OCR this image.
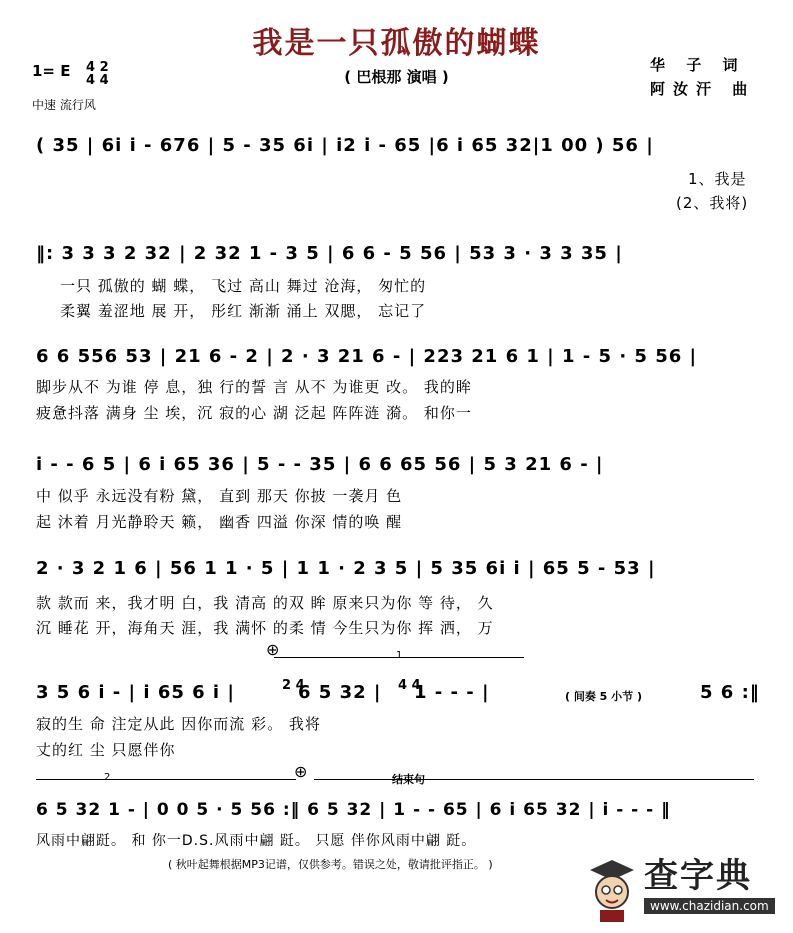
我是一只孤傲的蝴蝶
( 巴根那 演唱 )
华 子 词
阿汝汗 曲
1= E 4 2
4 4
中速 流行风
( 35 | 6i i - 676 | 5 - 35 6i | i2 i - 65 |6 i 65 32|1 00 ) 56 |
1、我是
(2、我将)
‖: 3 3 3 2 32 | 2 32 1 - 3 5 | 6 6 - 5 56 | 53 3 · 3 3 35 |
一只 孤傲的 蝴 蝶， 飞过 高山 舞过 沧海， 匆忙的
柔翼 羞涩地 展 开， 彤红 渐渐 涌上 双腮， 忘记了
6 6 556 53 | 21 6 - 2 | 2 · 3 21 6 - | 223 21 6 1 | 1 - 5 · 5 56 |
脚步从不 为谁 停 息，独 行的誓 言 从不 为谁更 改。 我的眸
疲惫抖落 满身 尘 埃，沉 寂的心 湖 泛起 阵阵涟 漪。 和你一
i - - 6 5 | 6 i 65 36 | 5 - - 35 | 6 6 65 56 | 5 3 21 6 - |
中 似乎 永远没有粉 黛， 直到 那天 你披 一袭月 色
起 沐着 月光静聆天 籁， 幽香 四溢 你深 情的唤 醒
2 · 3 2 1 6 | 56 1 1 · 5 | 1 1 · 2 3 5 | 5 35 6i i | 65 5 - 53 |
款 款而 来，我才明 白，我 清高 的双 眸 原来只为你 等 待， 久
沉 睡花 开，海角天 涯，我 满怀 的柔 情 今生只为你 挥 洒， 万
1
⊕
3 5 6 i - | i 65 6 i |	2 4
6 5 32 | 4 4
1 - - - |	( 间奏 5 小节 )	5 6 :‖
寂的生 命 注定从此 因你而流 彩。 我将
丈的红 尘 只愿伴你
2	⊕	结束句
6 5 32 1 - | 0 0 5 · 5 56 :‖ 6 5 32 | 1 - - 65 | 6 i 65 32 | i - - - ‖
风雨中翩跹。 和 你一D.S.风雨中翩 跹。 只愿 伴你风雨中翩 跹。
( 秋叶起舞根据MP3记谱，仅供参考。错误之处，敬请批评指正。 )	查字典
www.chazidian.com
